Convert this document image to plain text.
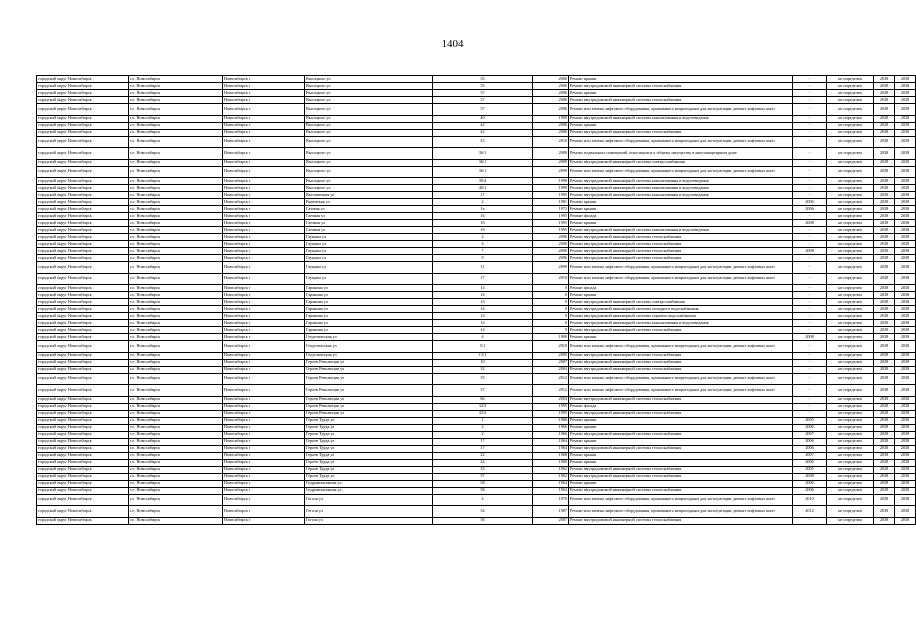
1404
городской округ Новосибирск	г.о. Новосибирск	Новосибирск г	Высоцкого ул	35	2006	Ремонт крыши	-	не определен	2038	2038
городской округ Новосибирск	г.о. Новосибирск	Новосибирск г	Высоцкого ул	35	2006	Ремонт внутридомовой инженерной системы теплоснабжения	-	не определен	2038	2038
городской округ Новосибирск	г.о. Новосибирск	Новосибирск г	Высоцкого ул	37	2006	Ремонт крыши	-	не определен	2038	2038
городской округ Новосибирск	г.о. Новосибирск	Новосибирск г	Высоцкого ул	37	2006	Ремонт внутридомовой инженерной системы теплоснабжения	-	не определен	2038	2038
городской округ Новосибирск	г.о. Новосибирск	Новосибирск г	Высоцкого ул	37	2006	Ремонт или замена лифтового оборудования, признанного непригодным для эксплуатации, ремонт лифтовых шахт	-	не определен	2038	2038
городской округ Новосибирск	г.о. Новосибирск	Новосибирск г	Высоцкого ул	40	1990	Ремонт внутридомовой инженерной системы канализования и водоотведения	-	не определен	2038	2038
городской округ Новосибирск	г.о. Новосибирск	Новосибирск г	Высоцкого ул	42	2006	Ремонт крыши	-	не определен	2038	2038
городской округ Новосибирск	г.о. Новосибирск	Новосибирск г	Высоцкого ул	42	2006	Ремонт внутридомовой инженерной системы теплоснабжения	-	не определен	2038	2038
городской округ Новосибирск	г.о. Новосибирск	Новосибирск г	Высоцкого ул	43	2010	Ремонт или замена лифтового оборудования, признанного непригодным для эксплуатации, ремонт лифтовых шахт	-	не определен	2038	2038
городской округ Новосибирск	г.о. Новосибирск	Новосибирск г	Высоцкого ул	36/1	2009	Ремонт подвальных помещений, относящихся к общему имуществу в многоквартирном доме	-	не определен	2038	2038
городской округ Новосибирск	г.о. Новосибирск	Новосибирск г	Высоцкого ул	36/1	2009	Ремонт внутридомовой инженерной системы электроснабжения	-	не определен	2038	2038
городской округ Новосибирск	г.о. Новосибирск	Новосибирск г	Высоцкого ул	36/1	2009	Ремонт или замена лифтового оборудования, признанного непригодным для эксплуатации, ремонт лифтовых шахт	-	не определен	2038	2038
городской округ Новосибирск	г.о. Новосибирск	Новосибирск г	Высоцкого ул	39/4	1990	Ремонт внутридомовой инженерной системы канализования и водоотведения	-	не определен	2038	2038
городской округ Новосибирск	г.о. Новосибирск	Новосибирск г	Высоцкого ул	40/1	1990	Ремонт внутридомовой инженерной системы канализования и водоотведения	-	не определен	2038	2038
городской округ Новосибирск	г.о. Новосибирск	Новосибирск г	Выставочная ул	17	1995	Ремонт внутридомовой инженерной системы канализования и водоотведения	-	не определен	2038	2038
городской округ Новосибирск	г.о. Новосибирск	Новосибирск г	Вяземская ул	2	1981	Ремонт крыши	2006	не определен	2038	2038
городской округ Новосибирск	г.о. Новосибирск	Новосибирск г	Газовая ул	1а	1972	Ремонт крыши	2006	не определен	2038	2038
городской округ Новосибирск	г.о. Новосибирск	Новосибирск г	Гаечная ул	16	1995	Ремонт фасада	-	не определен	2038	2038
городской округ Новосибирск	г.о. Новосибирск	Новосибирск г	Гаечная ул	16	1995	Ремонт крыши	2008	не определен	2038	2038
городской округ Новосибирск	г.о. Новосибирск	Новосибирск г	Гаечная ул	16	1995	Ремонт внутридомовой инженерной системы канализования и водоотведения	-	не определен	2038	2038
городской округ Новосибирск	г.о. Новосибирск	Новосибирск г	Гаущака ул	2	2006	Ремонт внутридомовой инженерной системы теплоснабжения	-	не определен	2038	2038
городской округ Новосибирск	г.о. Новосибирск	Новосибирск г	Гаущака ул	4	2000	Ремонт внутридомовой инженерной системы теплоснабжения	-	не определен	2038	2038
городской округ Новосибирск	г.о. Новосибирск	Новосибирск г	Гаущака ул	7	2000	Ремонт внутридомовой инженерной системы теплоснабжения	2008	не определен	2038	2038
городской округ Новосибирск	г.о. Новосибирск	Новосибирск г	Гаущака ул	9	2006	Ремонт внутридомовой инженерной системы теплоснабжения	-	не определен	2038	2038
городской округ Новосибирск	г.о. Новосибирск	Новосибирск г	Гаущака ул	11	2009	Ремонт или замена лифтового оборудования, признанного непригодным для эксплуатации, ремонт лифтовых шахт	-	не определен	2038	2038
городской округ Новосибирск	г.о. Новосибирск	Новосибирск г	Гаущака ул	17	2010	Ремонт или замена лифтового оборудования, признанного непригодным для эксплуатации, ремонт лифтовых шахт	-	не определен	2038	2038
городской округ Новосибирск	г.о. Новосибирск	Новосибирск г	Гаранина ул	14	0	Ремонт фасада	-	не определен	2038	2038
городской округ Новосибирск	г.о. Новосибирск	Новосибирск г	Гаранина ул	14	0	Ремонт крыши	-	не определен	2038	2038
городской округ Новосибирск	г.о. Новосибирск	Новосибирск г	Гаранина ул	14	0	Ремонт внутридомовой инженерной системы электроснабжения	-	не определен	2038	2038
городской округ Новосибирск	г.о. Новосибирск	Новосибирск г	Гаранина ул	14	0	Ремонт внутридомовой инженерной системы холодного водоснабжения	-	не определен	2038	2038
городской округ Новосибирск	г.о. Новосибирск	Новосибирск г	Гаранина ул	14	0	Ремонт внутридомовой инженерной системы горячего водоснабжения	-	не определен	2038	2038
городской округ Новосибирск	г.о. Новосибирск	Новосибирск г	Гаранина ул	14	0	Ремонт внутридомовой инженерной системы канализования и водоотведения	-	не определен	2038	2038
городской округ Новосибирск	г.о. Новосибирск	Новосибирск г	Гаранина ул	14	0	Ремонт внутридомовой инженерной системы теплоснабжения	-	не определен	2038	2038
городской округ Новосибирск	г.о. Новосибирск	Новосибирск г	Геодезическая ул	4	1988	Ремонт крыши	2008	не определен	2038	2038
городской округ Новосибирск	г.о. Новосибирск	Новосибирск г	Геодезическая ул	5/1	2010	Ремонт или замена лифтового оборудования, признанного непригодным для эксплуатации, ремонт лифтовых шахт	-	не определен	2038	2038
городской округ Новосибирск	г.о. Новосибирск	Новосибирск г	Геодезическая ул	13/1	2005	Ремонт внутридомовой инженерной системы теплоснабжения	-	не определен	2038	2038
городской округ Новосибирск	г.о. Новосибирск	Новосибирск г	Героев Революции ул	10	2007	Ремонт внутридомовой инженерной системы теплоснабжения	-	не определен	2038	2038
городской округ Новосибирск	г.о. Новосибирск	Новосибирск г	Героев Революции ул	32	2004	Ремонт внутридомовой инженерной системы теплоснабжения	-	не определен	2038	2038
городской округ Новосибирск	г.о. Новосибирск	Новосибирск г	Героев Революции ул	35	2012	Ремонт или замена лифтового оборудования, признанного непригодным для эксплуатации, ремонт лифтовых шахт	-	не определен	2038	2038
городской округ Новосибирск	г.о. Новосибирск	Новосибирск г	Героев Революции ул	37	2012	Ремонт или замена лифтового оборудования, признанного непригодным для эксплуатации, ремонт лифтовых шахт	-	не определен	2038	2038
городской округ Новосибирск	г.о. Новосибирск	Новосибирск г	Героев Революции ул	66	2004	Ремонт внутридомовой инженерной системы теплоснабжения	-	не определен	2038	2038
городской округ Новосибирск	г.о. Новосибирск	Новосибирск г	Героев Революции ул	32/2	1995	Ремонт фасада	-	не определен	2038	2038
городской округ Новосибирск	г.о. Новосибирск	Новосибирск г	Героев Революции ул	32/2	1995	Ремонт внутридомовой инженерной системы теплоснабжения	-	не определен	2038	2038
городской округ Новосибирск	г.о. Новосибирск	Новосибирск г	Героев Труда ул	1	1966	Ремонт крыши	2005	не определен	2038	2038
городской округ Новосибирск	г.о. Новосибирск	Новосибирск г	Героев Труда ул	2	1966	Ремонт крыши	2006	не определен	2038	2038
городской округ Новосибирск	г.о. Новосибирск	Новосибирск г	Героев Труда ул	2	1966	Ремонт внутридомовой инженерной системы теплоснабжения	2007	не определен	2038	2038
городской округ Новосибирск	г.о. Новосибирск	Новосибирск г	Героев Труда ул	17	1964	Ремонт крыши	2006	не определен	2038	2038
городской округ Новосибирск	г.о. Новосибирск	Новосибирск г	Героев Труда ул	17	1964	Ремонт внутридомовой инженерной системы теплоснабжения	2006	не определен	2038	2038
городской округ Новосибирск	г.о. Новосибирск	Новосибирск г	Героев Труда ул	22	1968	Ремонт крыши	2007	не определен	2038	2038
городской округ Новосибирск	г.о. Новосибирск	Новосибирск г	Героев Труда ул	24	1968	Ремонт крыши	2006	не определен	2038	2038
городской округ Новосибирск	г.о. Новосибирск	Новосибирск г	Героев Труда ул	33	1962	Ремонт внутридомовой инженерной системы теплоснабжения	2005	не определен	2038	2038
городской округ Новосибирск	г.о. Новосибирск	Новосибирск г	Героев Труда ул	37	1962	Ремонт внутридомовой инженерной системы теплоснабжения	2008	не определен	2038	2038
городской округ Новосибирск	г.о. Новосибирск	Новосибирск г	Гидромонтажная ул	58	1964	Ремонт крыши	2006	не определен	2038	2038
городской округ Новосибирск	г.о. Новосибирск	Новосибирск г	Гидромонтажная ул	58	1964	Ремонт внутридомовой инженерной системы теплоснабжения	2006	не определен	2038	2038
городской округ Новосибирск	г.о. Новосибирск	Новосибирск г	Гоголя ул	4	1970	Ремонт или замена лифтового оборудования, признанного непригодным для эксплуатации, ремонт лифтовых шахт	2010	не определен	2038	2038
городской округ Новосибирск	г.о. Новосибирск	Новосибирск г	Гоголя ул	34	1987	Ремонт или замена лифтового оборудования, признанного непригодным для эксплуатации, ремонт лифтовых шахт	2012	не определен	2038	2038
городской округ Новосибирск	г.о. Новосибирск	Новосибирск г	Гоголя ул	36	2007	Ремонт внутридомовой инженерной системы теплоснабжения	-	не определен	2038	2038
